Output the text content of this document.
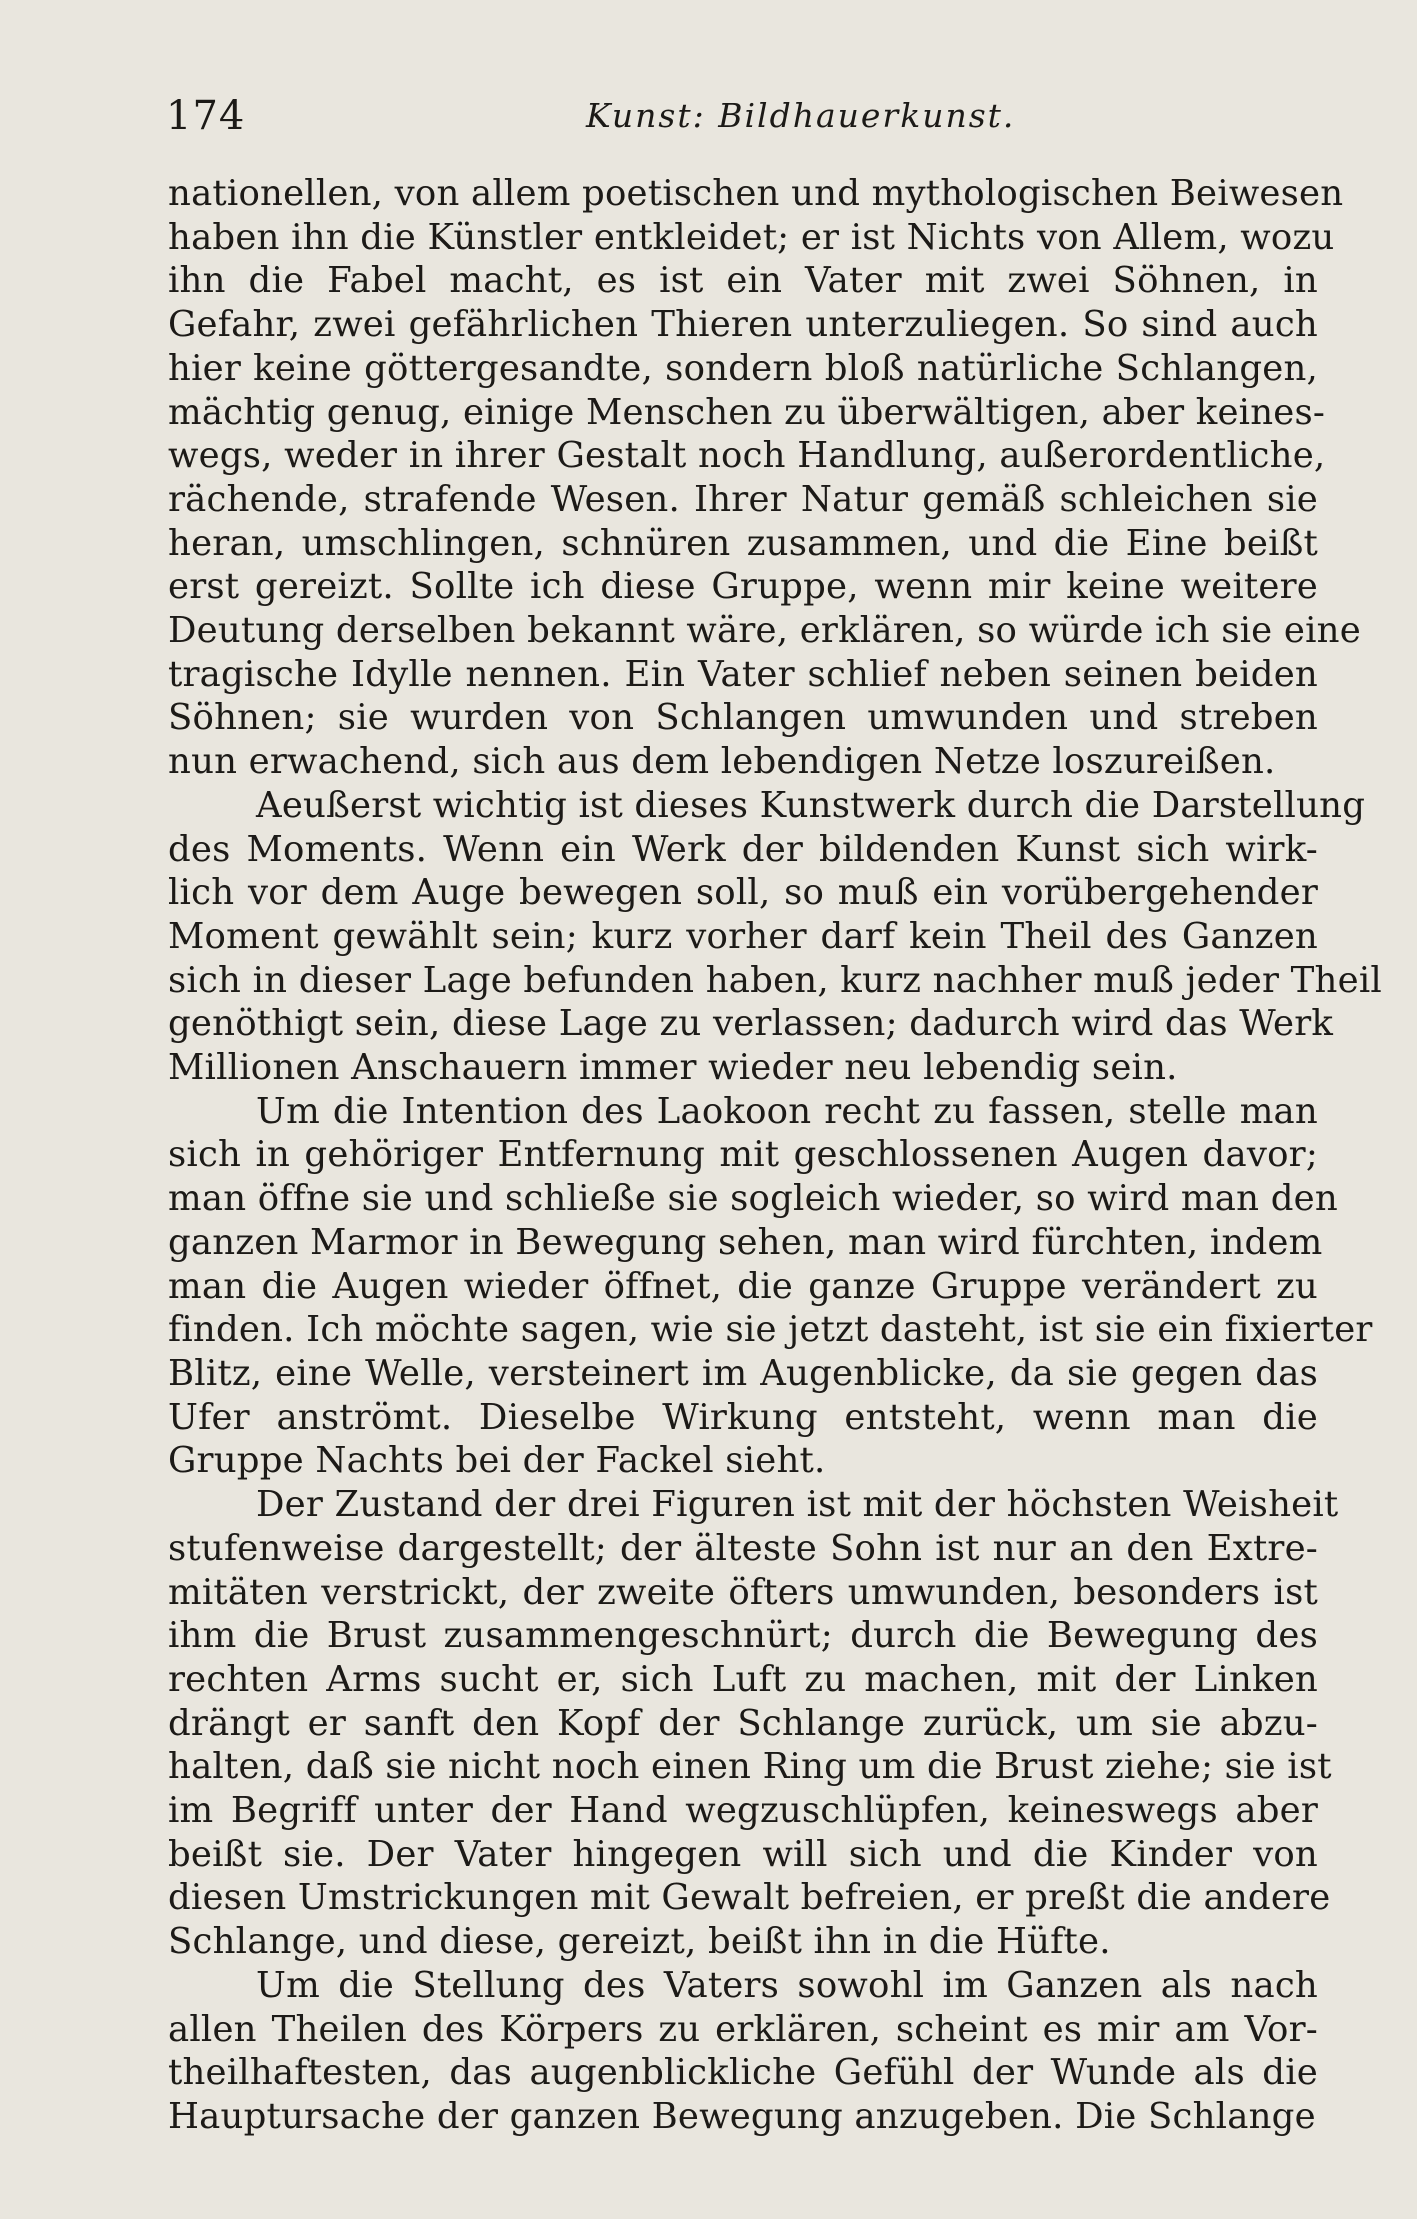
174	Kunst: Bildhauerkunst.
nationellen, von allem poetischen und mythologischen Beiwesen
haben ihn die Künstler entkleidet; er ist Nichts von Allem, wozu
ihn die Fabel macht, es ist ein Vater mit zwei Söhnen, in
Gefahr, zwei gefährlichen Thieren unterzuliegen. So sind auch
hier keine göttergesandte, sondern bloß natürliche Schlangen,
mächtig genug, einige Menschen zu überwältigen, aber keines-
wegs, weder in ihrer Gestalt noch Handlung, außerordentliche,
rächende, strafende Wesen. Ihrer Natur gemäß schleichen sie
heran, umschlingen, schnüren zusammen, und die Eine beißt
erst gereizt. Sollte ich diese Gruppe, wenn mir keine weitere
Deutung derselben bekannt wäre, erklären, so würde ich sie eine
tragische Idylle nennen. Ein Vater schlief neben seinen beiden
Söhnen; sie wurden von Schlangen umwunden und streben
nun erwachend, sich aus dem lebendigen Netze loszureißen.
Aeußerst wichtig ist dieses Kunstwerk durch die Darstellung
des Moments. Wenn ein Werk der bildenden Kunst sich wirk-
lich vor dem Auge bewegen soll, so muß ein vorübergehender
Moment gewählt sein; kurz vorher darf kein Theil des Ganzen
sich in dieser Lage befunden haben, kurz nachher muß jeder Theil
genöthigt sein, diese Lage zu verlassen; dadurch wird das Werk
Millionen Anschauern immer wieder neu lebendig sein.
Um die Intention des Laokoon recht zu fassen, stelle man
sich in gehöriger Entfernung mit geschlossenen Augen davor;
man öffne sie und schließe sie sogleich wieder, so wird man den
ganzen Marmor in Bewegung sehen, man wird fürchten, indem
man die Augen wieder öffnet, die ganze Gruppe verändert zu
finden. Ich möchte sagen, wie sie jetzt dasteht, ist sie ein fixierter
Blitz, eine Welle, versteinert im Augenblicke, da sie gegen das
Ufer anströmt. Dieselbe Wirkung entsteht, wenn man die
Gruppe Nachts bei der Fackel sieht.
Der Zustand der drei Figuren ist mit der höchsten Weisheit
stufenweise dargestellt; der älteste Sohn ist nur an den Extre-
mitäten verstrickt, der zweite öfters umwunden, besonders ist
ihm die Brust zusammengeschnürt; durch die Bewegung des
rechten Arms sucht er, sich Luft zu machen, mit der Linken
drängt er sanft den Kopf der Schlange zurück, um sie abzu-
halten, daß sie nicht noch einen Ring um die Brust ziehe; sie ist
im Begriff unter der Hand wegzuschlüpfen, keineswegs aber
beißt sie. Der Vater hingegen will sich und die Kinder von
diesen Umstrickungen mit Gewalt befreien, er preßt die andere
Schlange, und diese, gereizt, beißt ihn in die Hüfte.
Um die Stellung des Vaters sowohl im Ganzen als nach
allen Theilen des Körpers zu erklären, scheint es mir am Vor-
theilhaftesten, das augenblickliche Gefühl der Wunde als die
Hauptursache der ganzen Bewegung anzugeben. Die Schlange
